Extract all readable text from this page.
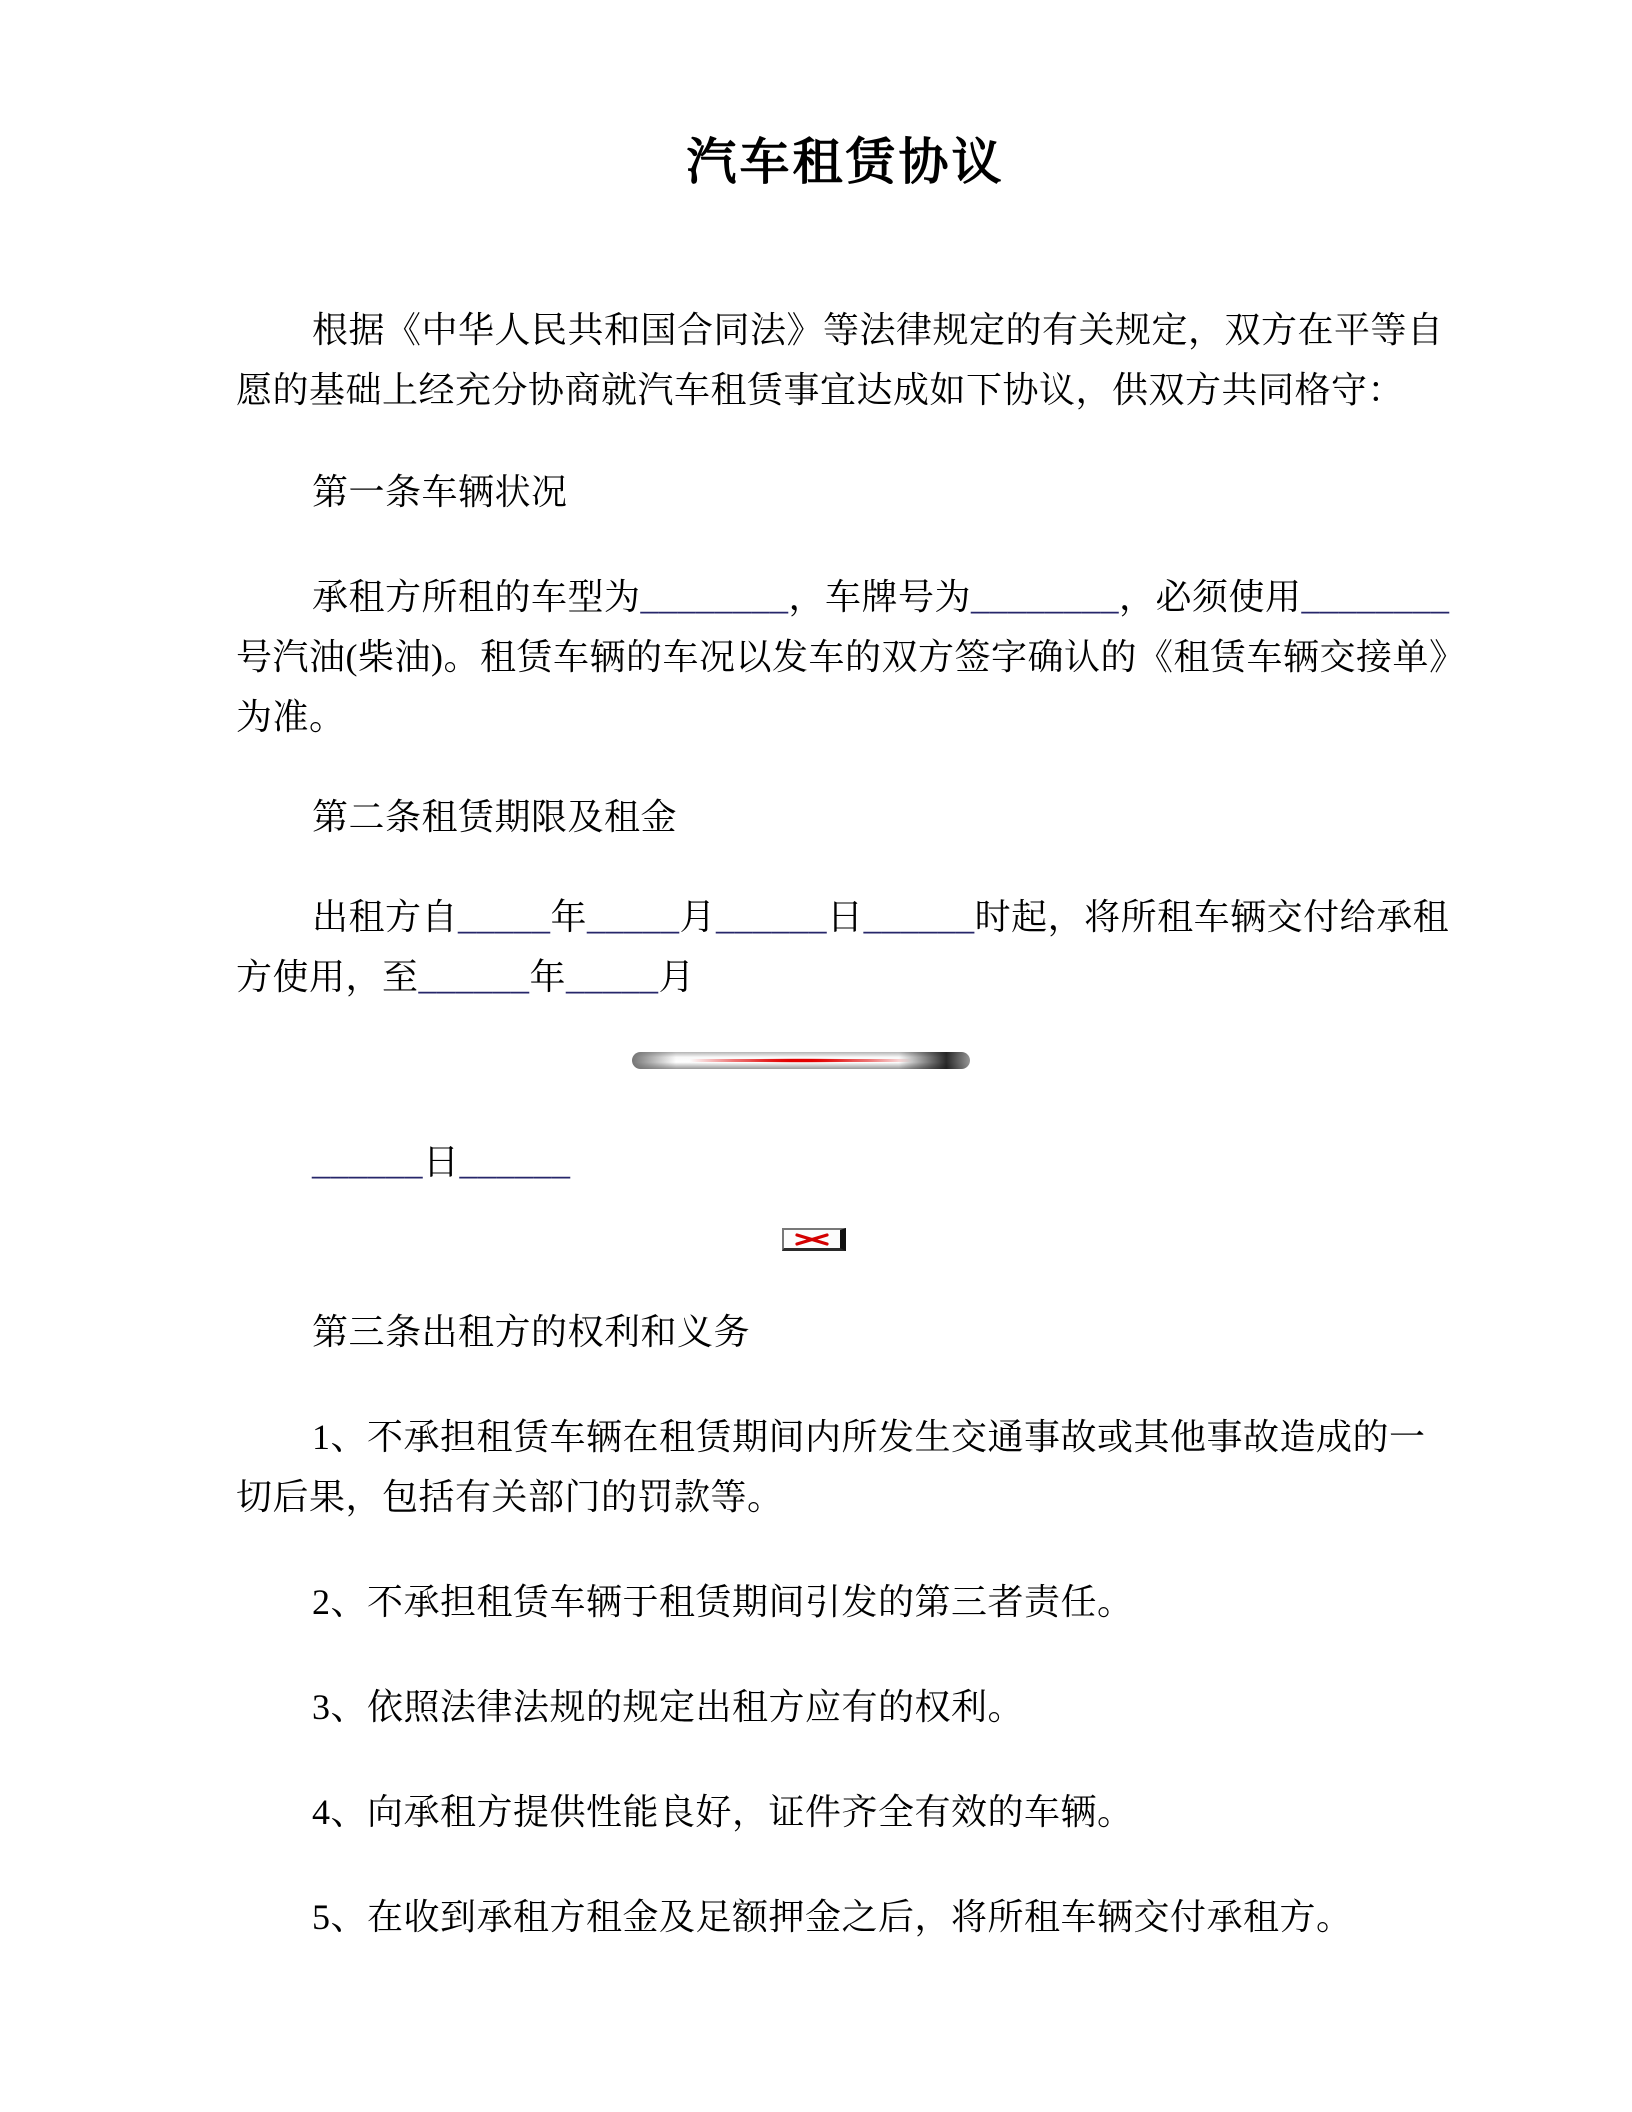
汽车租赁协议

根据《中华人民共和国合同法》等法律规定的有关规定，双方在平等自愿的基础上经充分协商就汽车租赁事宜达成如下协议，供双方共同格守：

第一条车辆状况

承租方所租的车型为________，车牌号为________，必须使用________号汽油(柴油)。租赁车辆的车况以发车的双方签字确认的《租赁车辆交接单》为准。

第二条租赁期限及租金

出租方自_____年_____月______日______时起，将所租车辆交付给承租方使用，至______年_____月

______日______

第三条出租方的权利和义务

1、不承担租赁车辆在租赁期间内所发生交通事故或其他事故造成的一切后果，包括有关部门的罚款等。

2、不承担租赁车辆于租赁期间引发的第三者责任。

3、依照法律法规的规定出租方应有的权利。

4、向承租方提供性能良好，证件齐全有效的车辆。

5、在收到承租方租金及足额押金之后，将所租车辆交付承租方。
